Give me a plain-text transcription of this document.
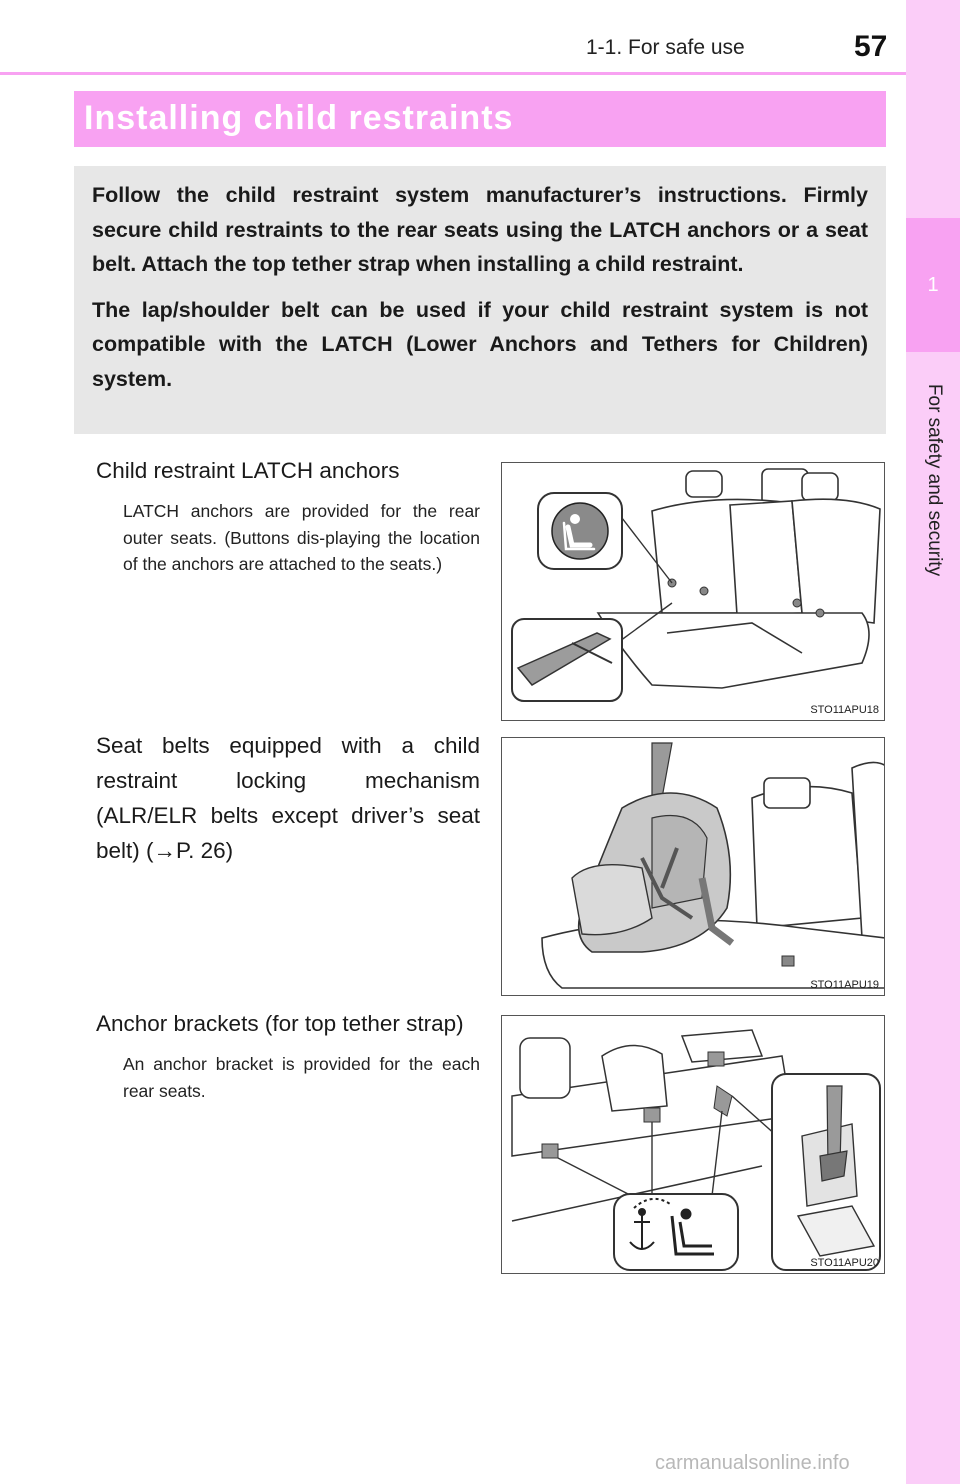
1
For safety and security
1-1. For safe use	57
Installing child restraints

Follow the child restraint system manufacturer’s instructions. Firmly secure child restraints to the rear seats using the LATCH anchors or a seat belt. Attach the top tether strap when installing a child restraint.

The lap/shoulder belt can be used if your child restraint system is not compatible with the LATCH (Lower Anchors and Tethers for Children) system.

Child restraint LATCH anchors

LATCH anchors are provided for the rear outer seats. (Buttons dis-playing the location of the anchors are attached to the seats.)

STO11APU18

Seat belts equipped with a child restraint locking mechanism (ALR/ELR belts except driver’s seat belt) (→P. 26)

STO11APU19

Anchor brackets (for top tether strap)

An anchor bracket is provided for the each rear seats.

STO11APU20
carmanualsonline.info
